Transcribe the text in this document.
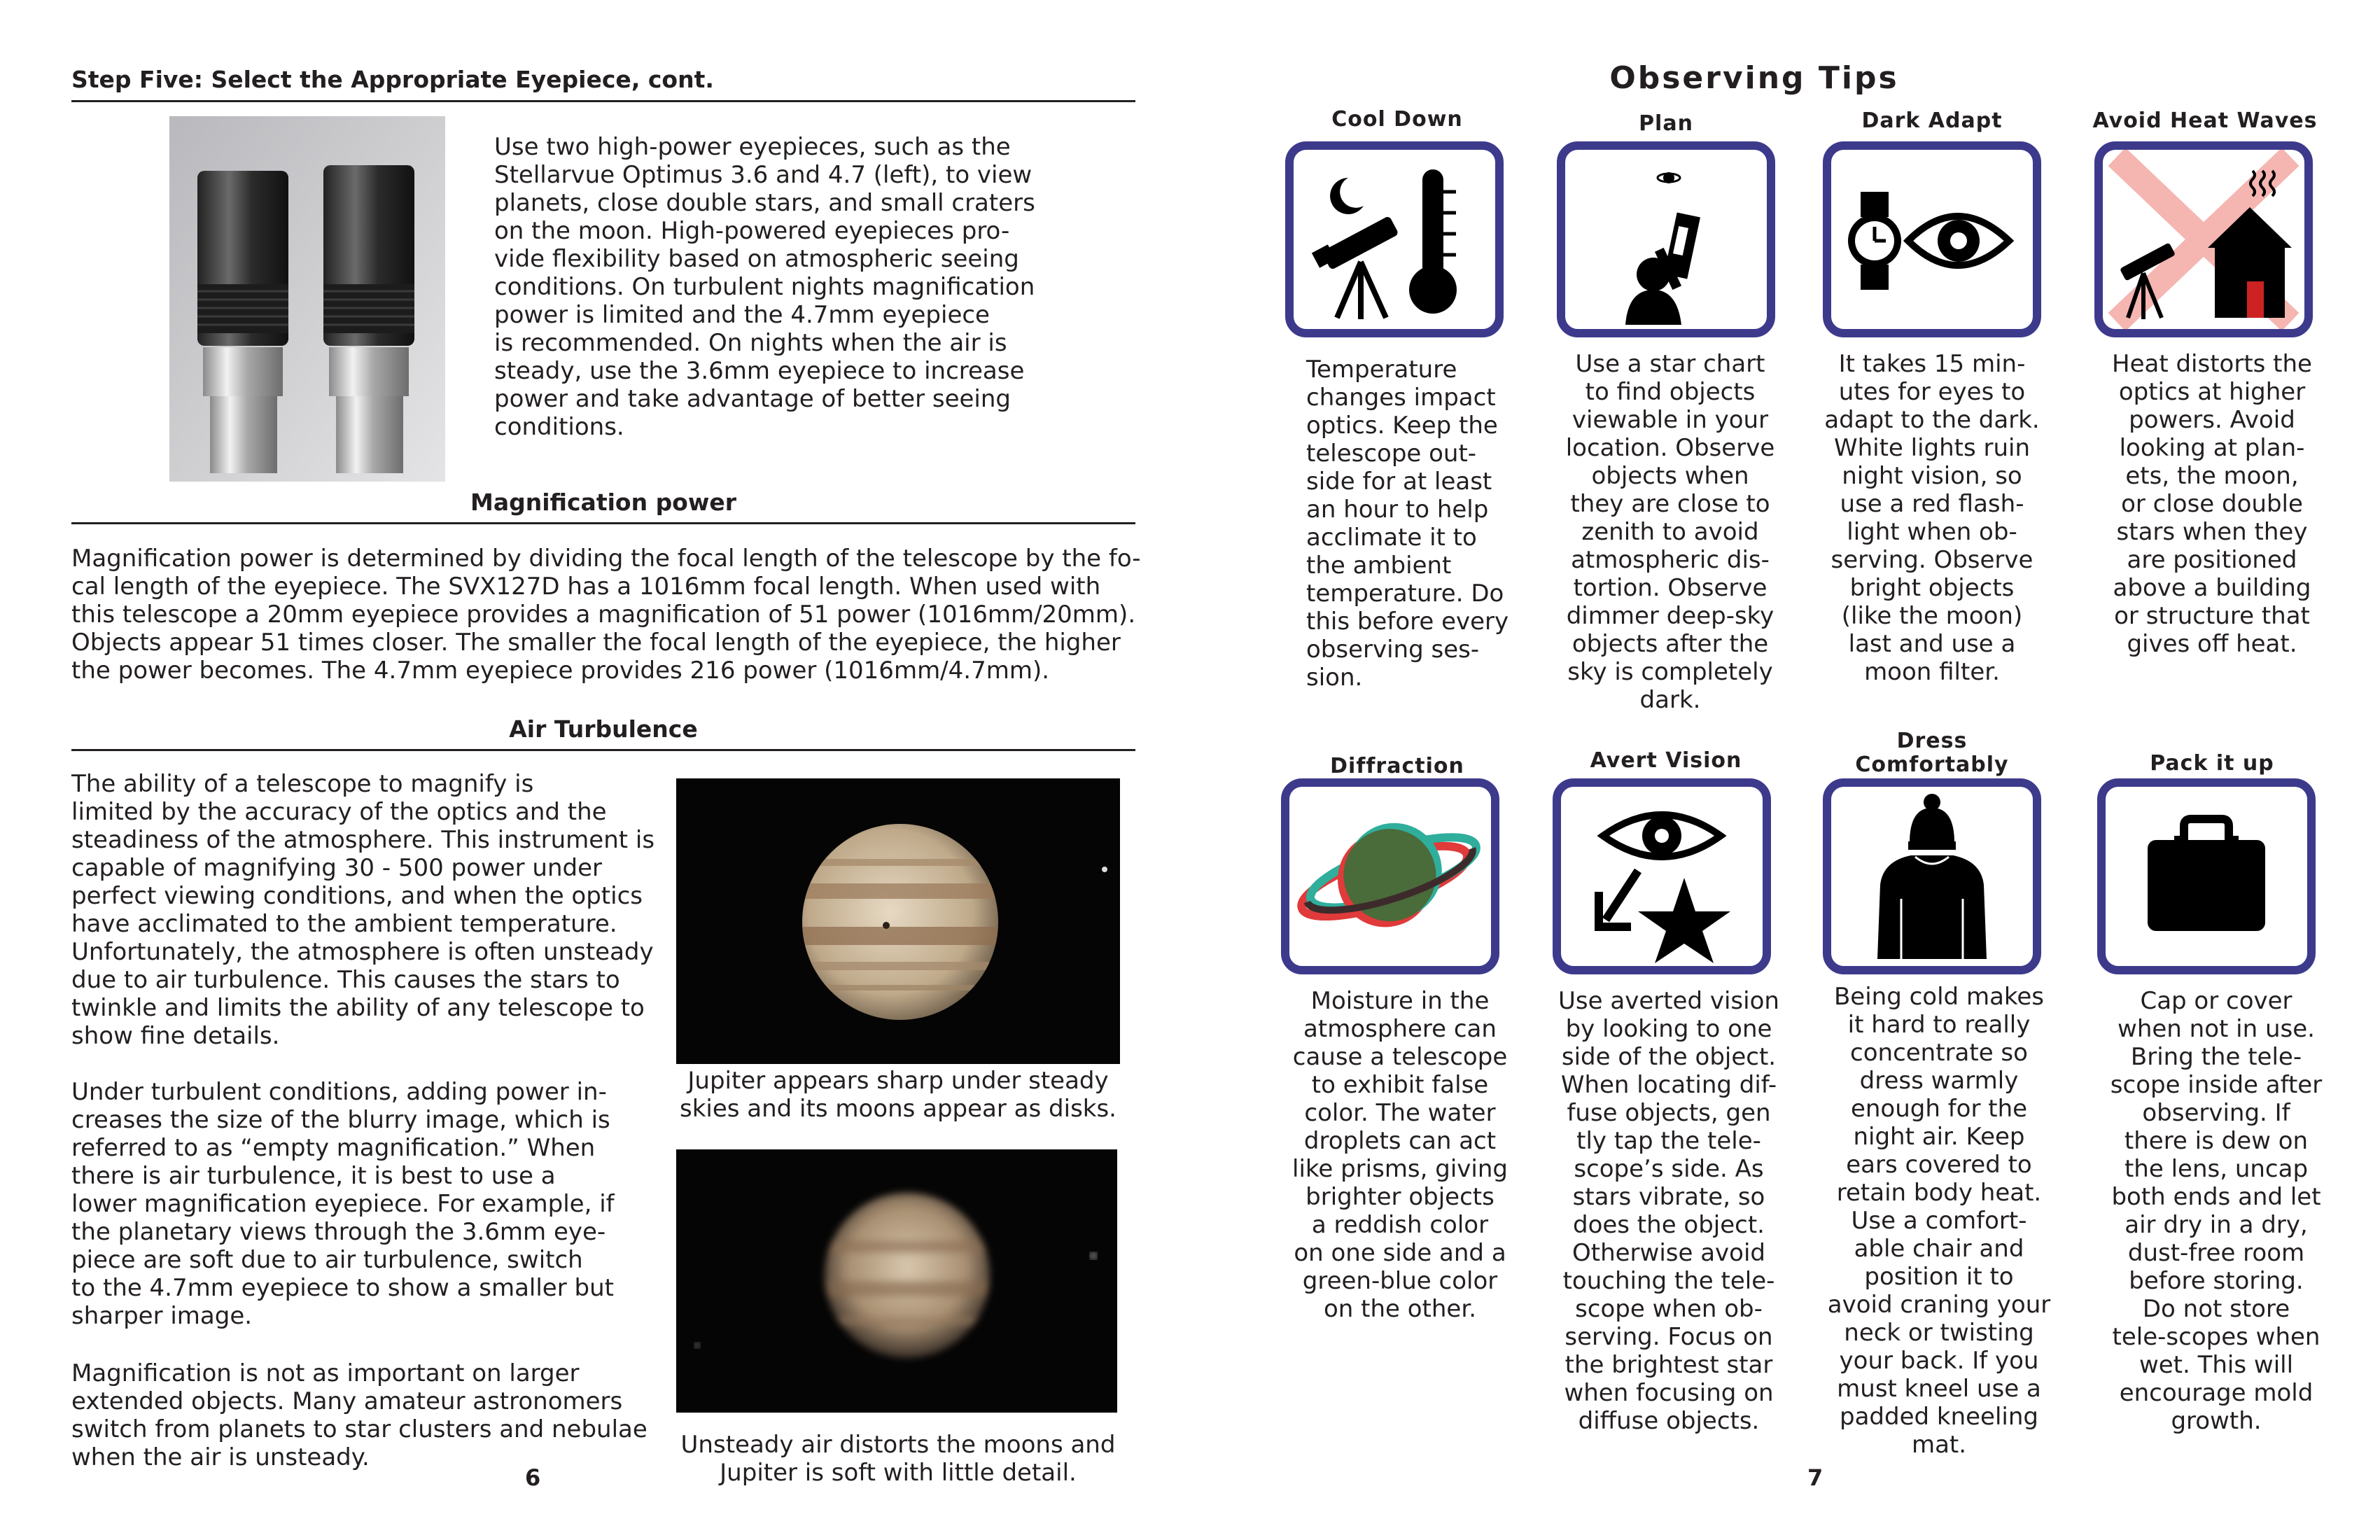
Step Five: Select the Appropriate Eyepiece, cont.
Use two high-power eyepieces, such as the
Stellarvue Optimus 3.6 and 4.7 (left), to view
planets, close double stars, and small craters
on the moon. High-powered eyepieces pro-
vide flexibility based on atmospheric seeing
conditions. On turbulent nights magnification
power is limited and the 4.7mm eyepiece
is recommended. On nights when the air is
steady, use the 3.6mm eyepiece to increase
power and take advantage of better seeing
conditions.
Magnification power
Magnification power is determined by dividing the focal length of the telescope by the fo-
cal length of the eyepiece. The SVX127D has a 1016mm focal length. When used with
this telescope a 20mm eyepiece provides a magnification of 51 power (1016mm/20mm).
Objects appear 51 times closer. The smaller the focal length of the eyepiece, the higher
the power becomes. The 4.7mm eyepiece provides 216 power (1016mm/4.7mm).
Air Turbulence
The ability of a telescope to magnify is
limited by the accuracy of the optics and the
steadiness of the atmosphere. This instrument is
capable of magnifying 30 - 500 power under
perfect viewing conditions, and when the optics
have acclimated to the ambient temperature.
Unfortunately, the atmosphere is often unsteady
due to air turbulence. This causes the stars to
twinkle and limits the ability of any telescope to
show fine details.
Under turbulent conditions, adding power in-
creases the size of the blurry image, which is
referred to as “empty magnification.” When
there is air turbulence, it is best to use a
lower magnification eyepiece. For example, if
the planetary views through the 3.6mm eye-
piece are soft due to air turbulence, switch
to the 4.7mm eyepiece to show a smaller but
sharper image.
Magnification is not as important on larger
extended objects. Many amateur astronomers
switch from planets to star clusters and nebulae
when the air is unsteady.
Jupiter appears sharp under steady
skies and its moons appear as disks.
Unsteady air distorts the moons and
Jupiter is soft with little detail.
6
Observing Tips
Cool Down	Plan	Dark Adapt	Avoid Heat Waves
Temperature
changes impact
optics. Keep the
telescope out-
side for at least
an hour to help
acclimate it to
the ambient
temperature. Do
this before every
observing ses-
sion.
Use a star chart
to find objects
viewable in your
location. Observe
objects when
they are close to
zenith to avoid
atmospheric dis-
tortion. Observe
dimmer deep-sky
objects after the
sky is completely
dark.
It takes 15 min-
utes for eyes to
adapt to the dark.
White lights ruin
night vision, so
use a red flash-
light when ob-
serving. Observe
bright objects
(like the moon)
last and use a
moon filter.
Heat distorts the
optics at higher
powers. Avoid
looking at plan-
ets, the moon,
or close double
stars when they
are positioned
above a building
or structure that
gives off heat.
Diffraction	Avert Vision
Dress
Comfortably	Pack it up
Moisture in the
atmosphere can
cause a telescope
to exhibit false
color. The water
droplets can act
like prisms, giving
brighter objects
a reddish color
on one side and a
green-blue color
on the other.
Use averted vision
by looking to one
side of the object.
When locating dif-
fuse objects, gen
tly tap the tele-
scope’s side. As
stars vibrate, so
does the object.
Otherwise avoid
touching the tele-
scope when ob-
serving. Focus on
the brightest star
when focusing on
diffuse objects.
Being cold makes
it hard to really
concentrate so
dress warmly
enough for the
night air. Keep
ears covered to
retain body heat.
Use a comfort-
able chair and
position it to
avoid craning your
neck or twisting
your back. If you
must kneel use a
padded kneeling
mat.
Cap or cover
when not in use.
Bring the tele-
scope inside after
observing. If
there is dew on
the lens, uncap
both ends and let
air dry in a dry,
dust-free room
before storing.
Do not store
tele-scopes when
wet. This will
encourage mold
growth.
7
